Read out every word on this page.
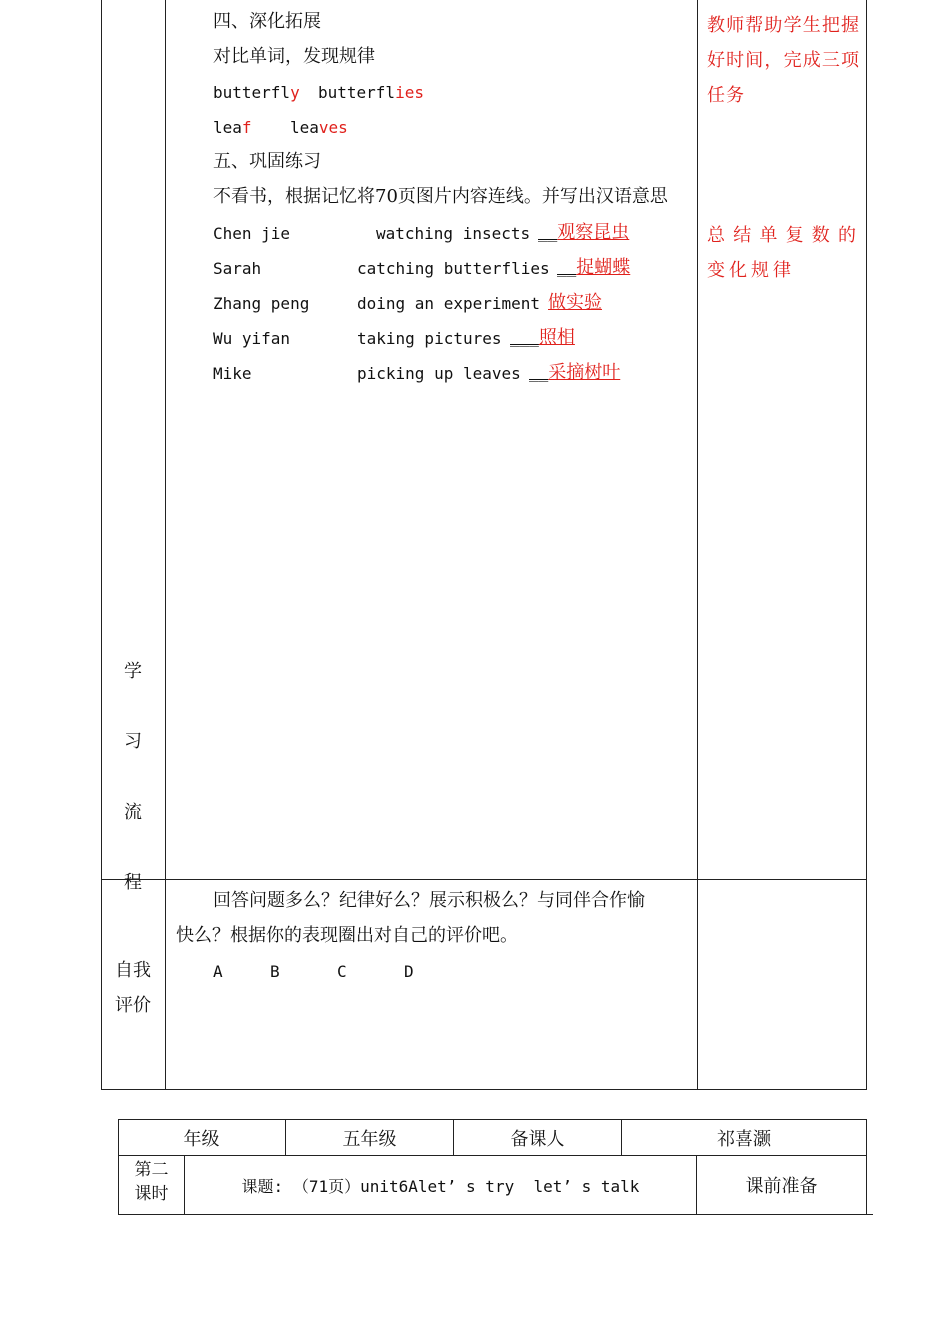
四、深化拓展
对比单词，发现规律
butterfly butterflies
leaf leaves
五、巩固练习
不看书，根据记忆将70页图片内容连线。并写出汉语意思
Chen jie	watching insects __观察昆虫
Sarah	catching butterflies __捉蝴蝶
Zhang peng	doing an experiment 做实验
Wu yifan	taking pictures ___照相
Mike	picking up leaves __采摘树叶
教师帮助学生把握好时间，完成三项任务
总结单复数的变化规律
学
习
流
程
自我
评价
回答问题多么？纪律好么？展示积极么？与同伴合作愉
快么？根据你的表现圈出对自己的评价吧。
A	B	C	D
年级	五年级	备课人	祁喜灏
第二
课时	课题: （71页）unit6Alet’ s try  let’ s talk	课前准备
